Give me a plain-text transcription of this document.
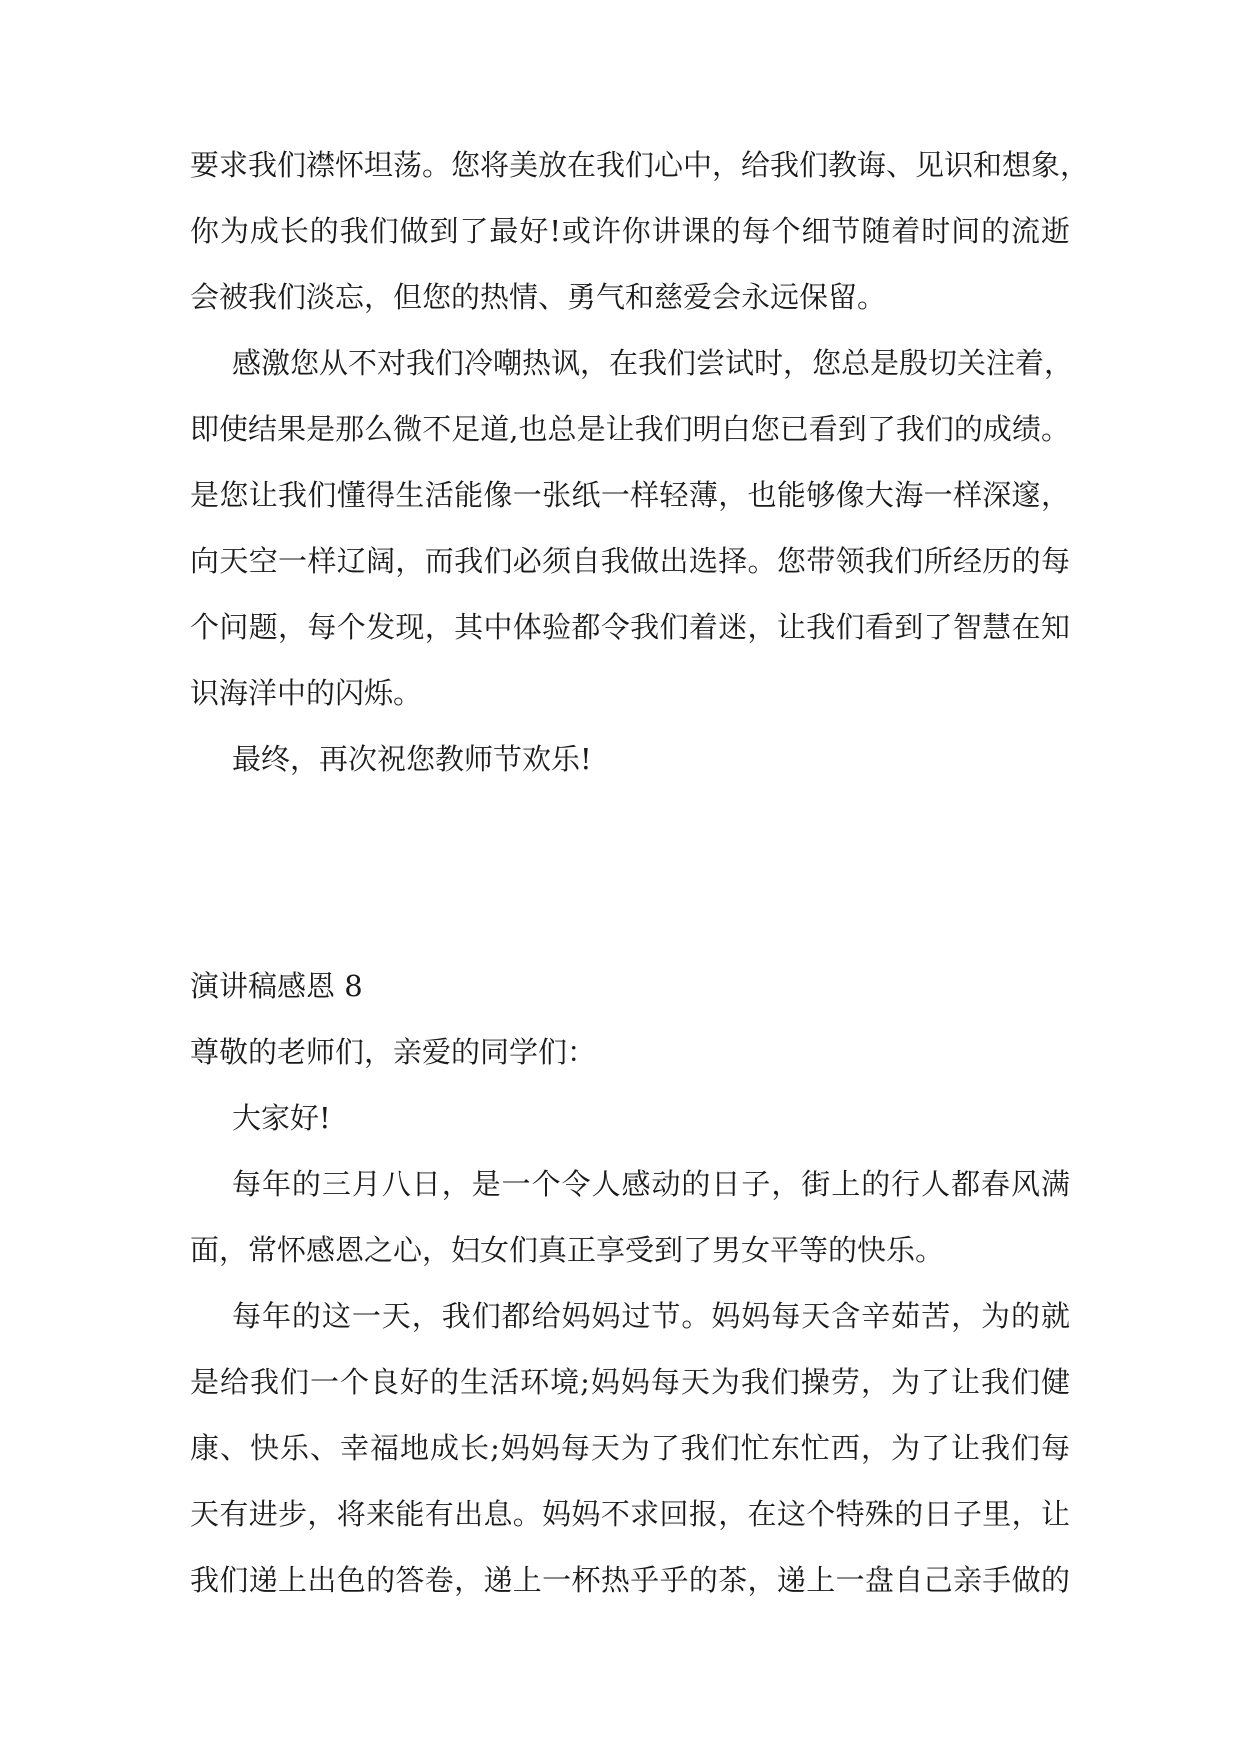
要求我们襟怀坦荡。您将美放在我们心中，给我们教诲、见识和想象，
你为成长的我们做到了最好!或许你讲课的每个细节随着时间的流逝
会被我们淡忘，但您的热情、勇气和慈爱会永远保留。
感激您从不对我们冷嘲热讽，在我们尝试时，您总是殷切关注着，
即使结果是那么微不足道,也总是让我们明白您已看到了我们的成绩。
是您让我们懂得生活能像一张纸一样轻薄，也能够像大海一样深邃，
向天空一样辽阔，而我们必须自我做出选择。您带领我们所经历的每
个问题，每个发现，其中体验都令我们着迷，让我们看到了智慧在知
识海洋中的闪烁。
最终，再次祝您教师节欢乐!
演讲稿感恩 8
尊敬的老师们，亲爱的同学们：
大家好!
每年的三月八日，是一个令人感动的日子，街上的行人都春风满
面，常怀感恩之心，妇女们真正享受到了男女平等的快乐。
每年的这一天，我们都给妈妈过节。妈妈每天含辛茹苦，为的就
是给我们一个良好的生活环境;妈妈每天为我们操劳，为了让我们健
康、快乐、幸福地成长;妈妈每天为了我们忙东忙西，为了让我们每
天有进步，将来能有出息。妈妈不求回报，在这个特殊的日子里，让
我们递上出色的答卷，递上一杯热乎乎的茶，递上一盘自己亲手做的
